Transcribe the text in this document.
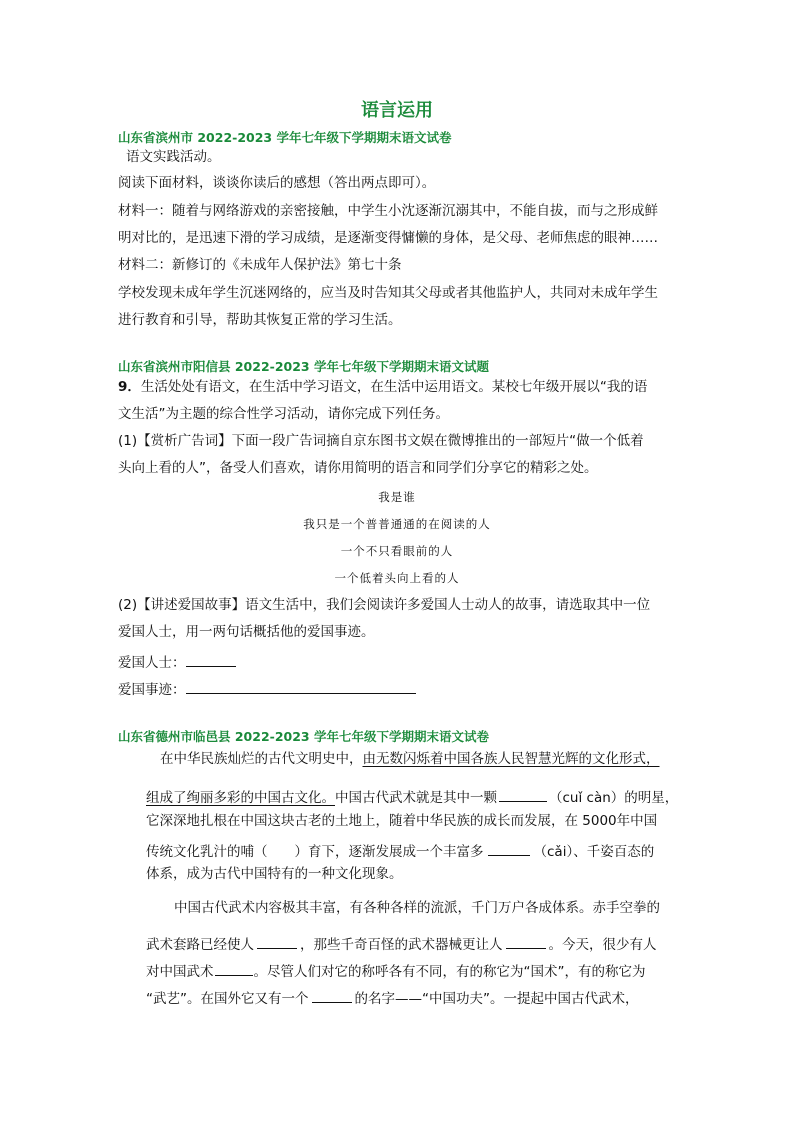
语言运用
山东省滨州市 2022-2023 学年七年级下学期期末语文试卷
语文实践活动。
阅读下面材料，谈谈你读后的感想（答出两点即可）。
材料一：随着与网络游戏的亲密接触，中学生小沈逐渐沉溺其中，不能自拔，而与之形成鲜
明对比的，是迅速下滑的学习成绩，是逐渐变得慵懒的身体，是父母、老师焦虑的眼神……
材料二：新修订的《未成年人保护法》第七十条
学校发现未成年学生沉迷网络的，应当及时告知其父母或者其他监护人，共同对未成年学生
进行教育和引导，帮助其恢复正常的学习生活。
山东省滨州市阳信县 2022-2023 学年七年级下学期期末语文试题
9．生活处处有语文，在生活中学习语文，在生活中运用语文。某校七年级开展以“我的语
文生活”为主题的综合性学习活动，请你完成下列任务。
(1)【赏析广告词】下面一段广告词摘自京东图书文娱在微博推出的一部短片“做一个低着
头向上看的人”，备受人们喜欢，请你用简明的语言和同学们分享它的精彩之处。
我是谁
我只是一个普普通通的在阅读的人
一个不只看眼前的人
一个低着头向上看的人
(2)【讲述爱国故事】语文生活中，我们会阅读许多爱国人士动人的故事，请选取其中一位
爱国人士，用一两句话概括他的爱国事迹。
爱国人士：
爱国事迹：
山东省德州市临邑县 2022-2023 学年七年级下学期期末语文试卷
在中华民族灿烂的古代文明史中，由无数闪烁着中国各族人民智慧光辉的文化形式，
组成了绚丽多彩的中国古文化。中国古代武术就是其中一颗	（cuǐ càn）的明星，
它深深地扎根在中国这块古老的土地上，随着中华民族的成长而发展，在 5000年中国
传统文化乳汁的哺（　　）育下，逐渐发展成一个丰富多	（cǎi）、千姿百态的
体系，成为古代中国特有的一种文化现象。
中国古代武术内容极其丰富，有各种各样的流派，千门万户各成体系。赤手空拳的
武术套路已经使人	，那些千奇百怪的武术器械更让人	。今天，很少有人
对中国武术	。尽管人们对它的称呼各有不同，有的称它为“国术”，有的称它为
“武艺”。在国外它又有一个	的名字——“中国功夫”。一提起中国古代武术，
